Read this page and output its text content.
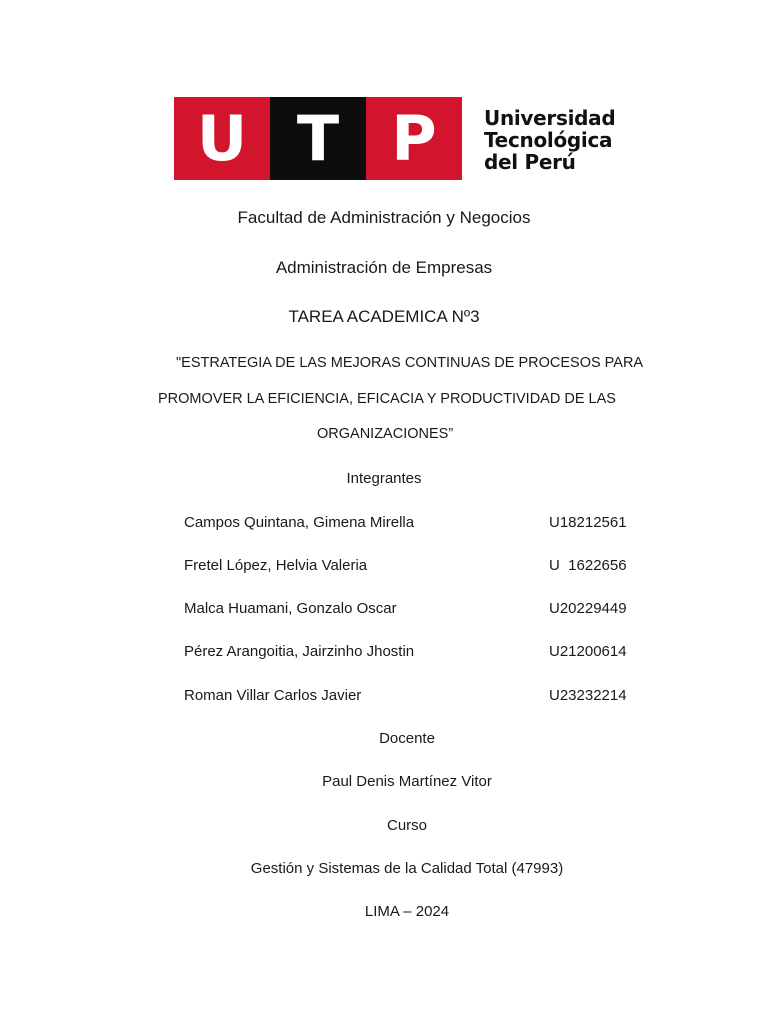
U T P	Universidad
Tecnológica
del Perú
Facultad de Administración y Negocios
Administración de Empresas
TAREA ACADEMICA Nº3
"ESTRATEGIA DE LAS MEJORAS CONTINUAS DE PROCESOS PARA
PROMOVER LA EFICIENCIA, EFICACIA Y PRODUCTIVIDAD DE LAS
ORGANIZACIONES”
Integrantes
Campos Quintana, Gimena Mirella	U18212561
Fretel López, Helvia Valeria	U  1622656
Malca Huamani, Gonzalo Oscar	U20229449
Pérez Arangoitia, Jairzinho Jhostin	U21200614
Roman Villar Carlos Javier	U23232214
Docente
Paul Denis Martínez Vitor
Curso
Gestión y Sistemas de la Calidad Total (47993)
LIMA – 2024
